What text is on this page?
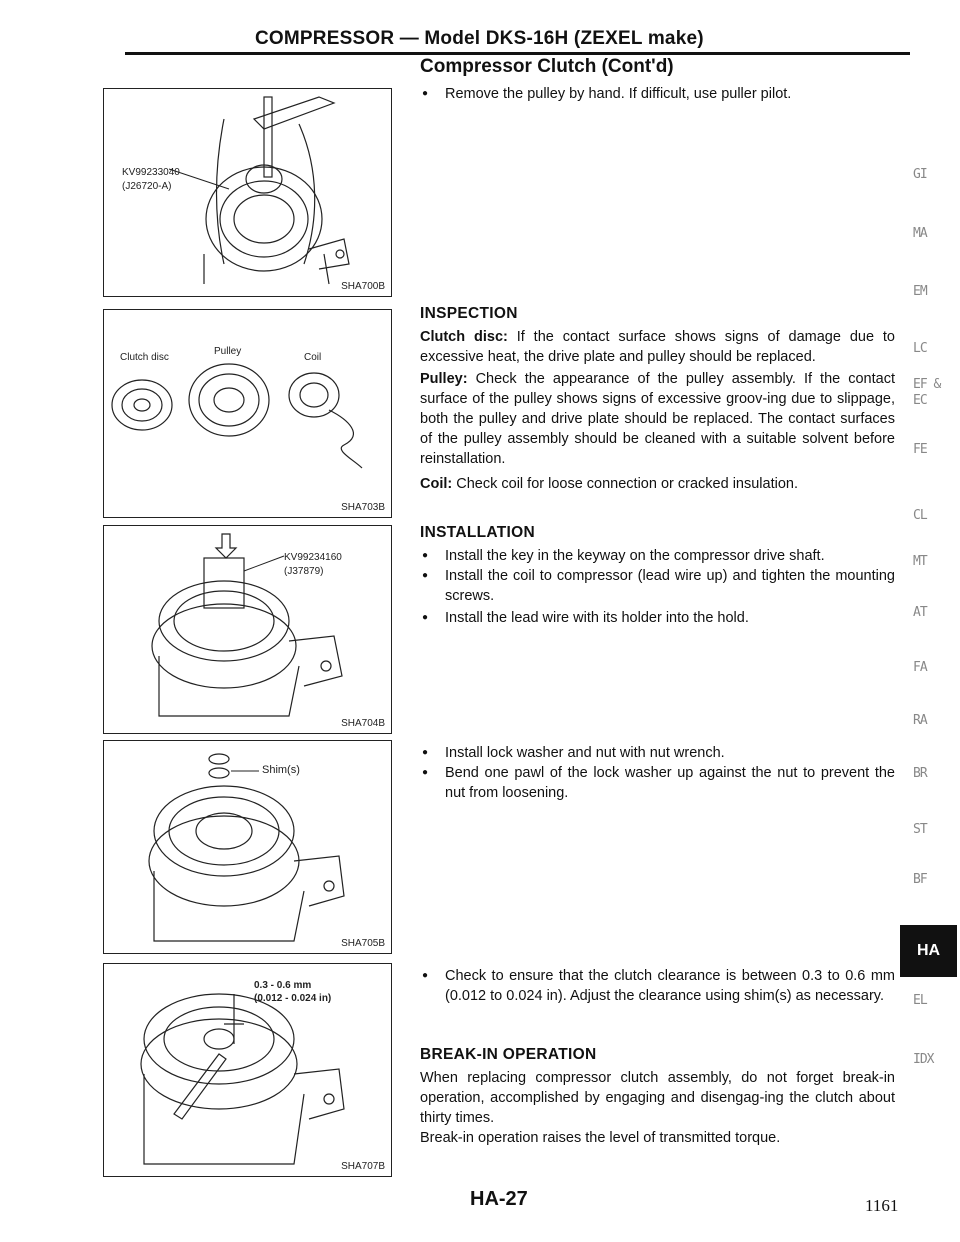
COMPRESSOR — Model DKS-16H (ZEXEL make)
Compressor Clutch (Cont'd)
KV99233040
(J26720-A)
SHA700B
Clutch disc
Pulley
Coil
SHA703B
KV99234160
(J37879)
SHA704B
Shim(s)
SHA705B
0.3 - 0.6 mm
(0.012 - 0.024 in)
SHA707B
● Remove the pulley by hand. If difficult, use puller pilot.
INSPECTION
Clutch disc: If the contact surface shows signs of damage due to excessive heat, the drive plate and pulley should be replaced.
Pulley: Check the appearance of the pulley assembly. If the contact surface of the pulley shows signs of excessive groov-ing due to slippage, both the pulley and drive plate should be replaced. The contact surfaces of the pulley assembly should be cleaned with a suitable solvent before reinstallation.
Coil: Check coil for loose connection or cracked insulation.
INSTALLATION
● Install the key in the keyway on the compressor drive shaft.
● Install the coil to compressor (lead wire up) and tighten the mounting screws.
● Install the lead wire with its holder into the hold.
● Install lock washer and nut with nut wrench.
● Bend one pawl of the lock washer up against the nut to prevent the nut from loosening.
● Check to ensure that the clutch clearance is between 0.3 to 0.6 mm (0.012 to 0.024 in). Adjust the clearance using shim(s) as necessary.
BREAK-IN OPERATION
When replacing compressor clutch assembly, do not forget break-in operation, accomplished by engaging and disengag-ing the clutch about thirty times.
Break-in operation raises the level of transmitted torque.
GI
MA
EM
LC
EF &
EC
FE
CL
MT
AT
FA
RA
BR
ST
BF
HA
EL
IDX
HA-27	1161
